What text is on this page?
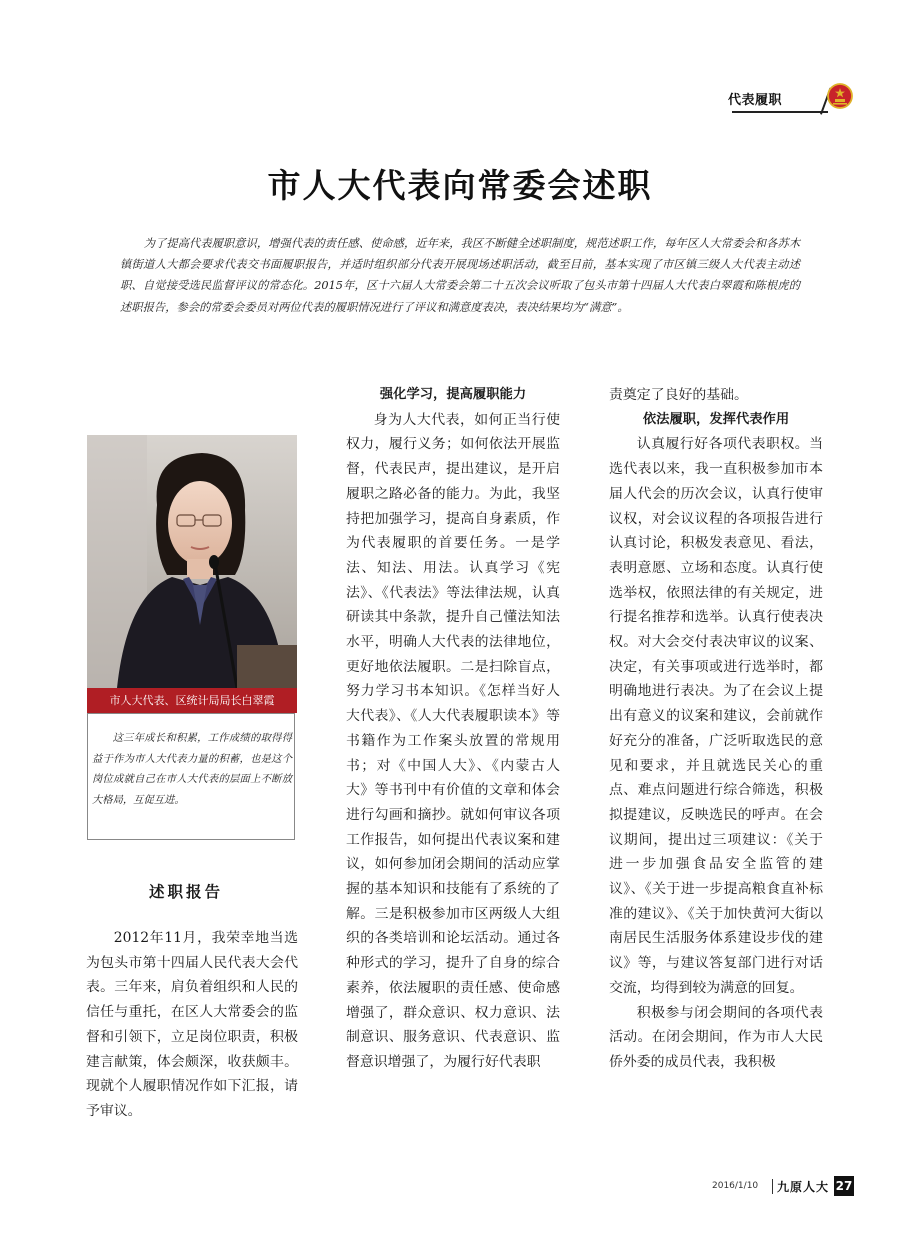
代表履职
市人大代表向常委会述职
为了提高代表履职意识，增强代表的责任感、使命感，近年来，我区不断健全述职制度，规范述职工作，每年区人大常委会和各苏木镇街道人大都会要求代表交书面履职报告，并适时组织部分代表开展现场述职活动，截至目前，基本实现了市区镇三级人大代表主动述职、自觉接受选民监督评议的常态化。2015年，区十六届人大常委会第二十五次会议听取了包头市第十四届人大代表白翠霞和陈根虎的述职报告，参会的常委会委员对两位代表的履职情况进行了评议和满意度表决，表决结果均为“满意”。
市人大代表、区统计局局长白翠霞
这三年成长和积累，工作成绩的取得得益于作为市人大代表力量的积蓄，也是这个岗位成就自己在市人大代表的层面上不断放大格局，互促互进。
述职报告

2012年11月，我荣幸地当选为包头市第十四届人民代表大会代表。三年来，肩负着组织和人民的信任与重托，在区人大常委会的监督和引领下，立足岗位职责，积极建言献策，体会颇深，收获颇丰。现就个人履职情况作如下汇报，请予审议。

强化学习，提高履职能力

身为人大代表，如何正当行使权力，履行义务；如何依法开展监督，代表民声，提出建议，是开启履职之路必备的能力。为此，我坚持把加强学习，提高自身素质，作为代表履职的首要任务。一是学法、知法、用法。认真学习《宪法》、《代表法》等法律法规，认真研读其中条款，提升自己懂法知法水平，明确人大代表的法律地位，更好地依法履职。二是扫除盲点，努力学习书本知识。《怎样当好人大代表》、《人大代表履职读本》等书籍作为工作案头放置的常规用书；对《中国人大》、《内蒙古人大》等书刊中有价值的文章和体会进行勾画和摘抄。就如何审议各项工作报告，如何提出代表议案和建议，如何参加闭会期间的活动应掌握的基本知识和技能有了系统的了解。三是积极参加市区两级人大组织的各类培训和论坛活动。通过各种形式的学习，提升了自身的综合素养，依法履职的责任感、使命感增强了，群众意识、权力意识、法制意识、服务意识、代表意识、监督意识增强了，为履行好代表职

责奠定了良好的基础。

依法履职，发挥代表作用

认真履行好各项代表职权。当选代表以来，我一直积极参加市本届人代会的历次会议，认真行使审议权，对会议议程的各项报告进行认真讨论，积极发表意见、看法，表明意愿、立场和态度。认真行使选举权，依照法律的有关规定，进行提名推荐和选举。认真行使表决权。对大会交付表决审议的议案、决定，有关事项或进行选举时，都明确地进行表决。为了在会议上提出有意义的议案和建议，会前就作好充分的准备，广泛听取选民的意见和要求，并且就选民关心的重点、难点问题进行综合筛选，积极拟提建议，反映选民的呼声。在会议期间，提出过三项建议：《关于进一步加强食品安全监管的建议》、《关于进一步提高粮食直补标准的建议》、《关于加快黄河大街以南居民生活服务体系建设步伐的建议》等，与建议答复部门进行对话交流，均得到较为满意的回复。

积极参与闭会期间的各项代表活动。在闭会期间，作为市人大民侨外委的成员代表，我积极

2016/1/10 九原人大 27
